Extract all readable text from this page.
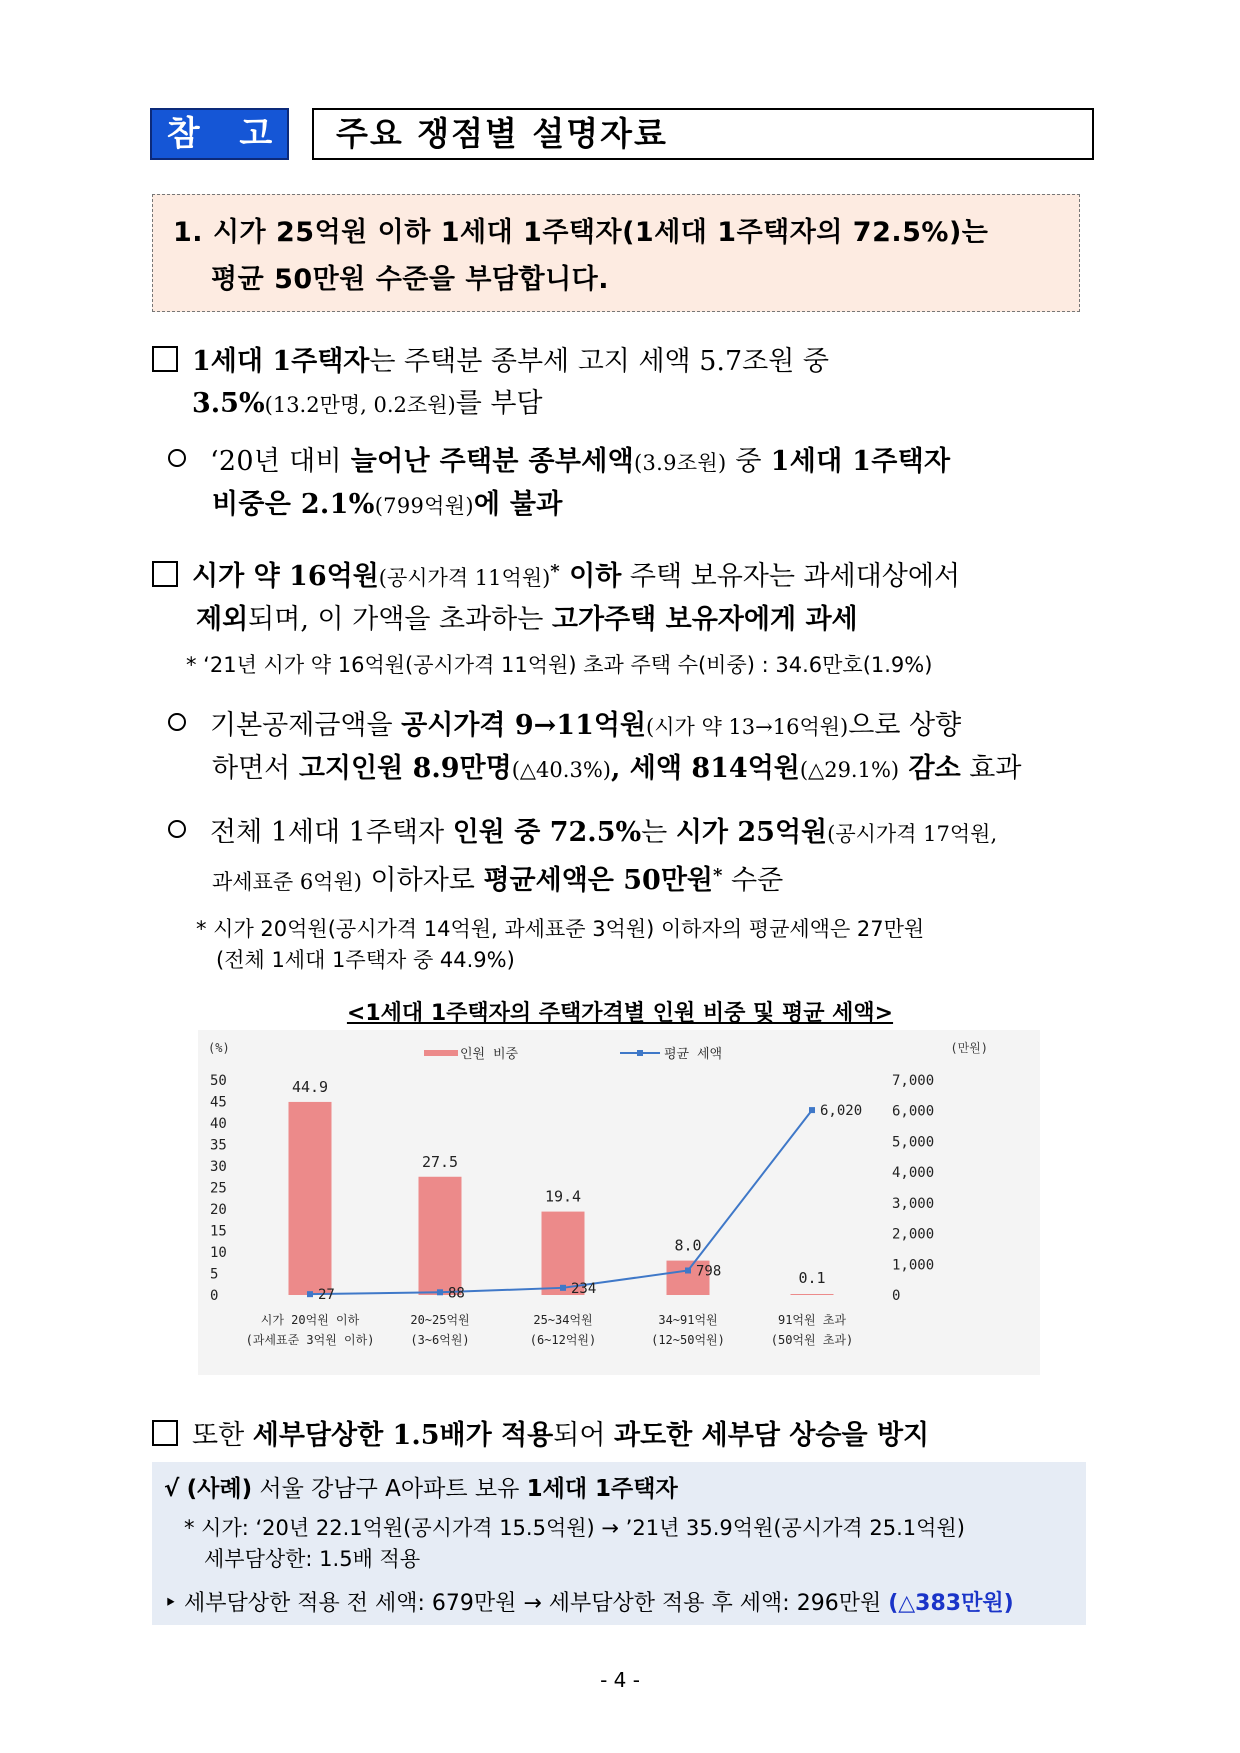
참 고	주요 쟁점별 설명자료
1. 시가 25억원 이하 1세대 1주택자(1세대 1주택자의 72.5%)는
평균 50만원 수준을 부담합니다.
1세대 1주택자는 주택분 종부세 고지 세액 5.7조원 중
3.5%(13.2만명, 0.2조원)를 부담
‘20년 대비 늘어난 주택분 종부세액(3.9조원) 중 1세대 1주택자
비중은 2.1%(799억원)에 불과
시가 약 16억원(공시가격 11억원)* 이하 주택 보유자는 과세대상에서
제외되며, 이 가액을 초과하는 고가주택 보유자에게 과세
* ‘21년 시가 약 16억원(공시가격 11억원) 초과 주택 수(비중) : 34.6만호(1.9%)
기본공제금액을 공시가격 9→11억원(시가 약 13→16억원)으로 상향
하면서 고지인원 8.9만명(△40.3%), 세액 814억원(△29.1%) 감소 효과
전체 1세대 1주택자 인원 중 72.5%는 시가 25억원(공시가격 17억원,
과세표준 6억원) 이하자로 평균세액은 50만원* 수준
* 시가 20억원(공시가격 14억원, 과세표준 3억원) 이하자의 평균세액은 27만원
(전체 1세대 1주택자 중 44.9%)
<1세대 1주택자의 주택가격별 인원 비중 및 평균 세액>
(%)
0
5
10
15
20
25
30
35
40
45
50
(만원)
0
1,000
2,000
3,000
4,000
5,000
6,000
7,000
인원 비중	평균 세액
44.9
27.5
19.4
8.0
0.1
27	88	234
798
6,020
시가 20억원 이하
(과세표준 3억원 이하)
20~25억원
(3~6억원)
25~34억원
(6~12억원)
34~91억원
(12~50억원)
91억원 초과
(50억원 초과)
또한 세부담상한 1.5배가 적용되어 과도한 세부담 상승을 방지
√ (사례) 서울 강남구 A아파트 보유 1세대 1주택자
* 시가: ‘20년 22.1억원(공시가격 15.5억원) → ’21년 35.9억원(공시가격 25.1억원)
세부담상한: 1.5배 적용
‣ 세부담상한 적용 전 세액: 679만원 → 세부담상한 적용 후 세액: 296만원 (△383만원)
- 4 -
